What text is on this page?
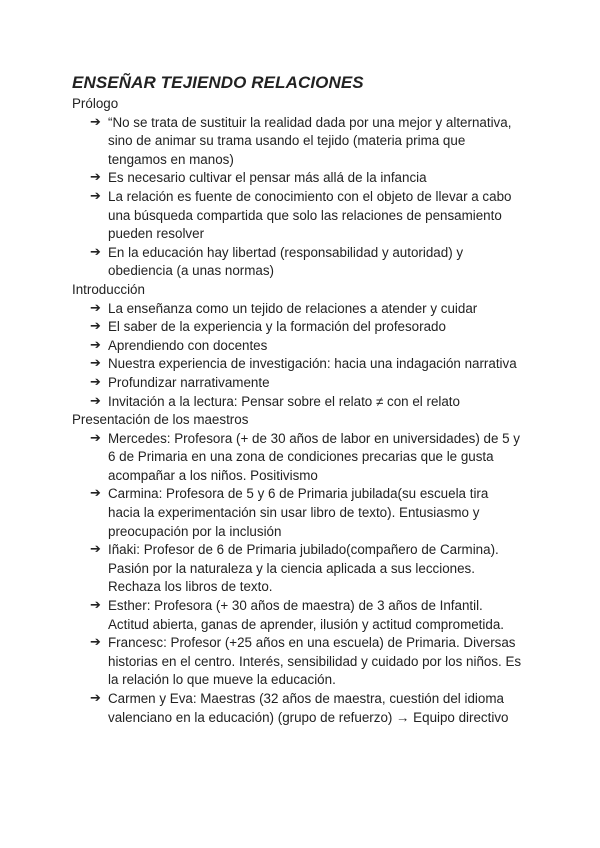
ENSEÑAR TEJIENDO RELACIONES
Prólogo
➔ “No se trata de sustituir la realidad dada por una mejor y alternativa, sino de animar su trama usando el tejido (materia prima que tengamos en manos)
➔ Es necesario cultivar el pensar más allá de la infancia
➔ La relación es fuente de conocimiento con el objeto de llevar a cabo una búsqueda compartida que solo las relaciones de pensamiento pueden resolver
➔ En la educación hay libertad (responsabilidad y autoridad) y obediencia (a unas normas)
Introducción
➔ La enseñanza como un tejido de relaciones a atender y cuidar
➔ El saber de la experiencia y la formación del profesorado
➔ Aprendiendo con docentes
➔ Nuestra experiencia de investigación: hacia una indagación narrativa
➔ Profundizar narrativamente
➔ Invitación a la lectura: Pensar sobre el relato ≠ con el relato
Presentación de los maestros
➔ Mercedes: Profesora (+ de 30 años de labor en universidades) de 5 y 6 de Primaria en una zona de condiciones precarias que le gusta acompañar a los niños. Positivismo
➔ Carmina: Profesora de 5 y 6 de Primaria jubilada(su escuela tira hacia la experimentación sin usar libro de texto). Entusiasmo y preocupación por la inclusión
➔ Iñaki: Profesor de 6 de Primaria jubilado(compañero de Carmina). Pasión por la naturaleza y la ciencia aplicada a sus lecciones. Rechaza los libros de texto.
➔ Esther: Profesora (+ 30 años de maestra) de 3 años de Infantil. Actitud abierta, ganas de aprender, ilusión y actitud comprometida.
➔ Francesc: Profesor (+25 años en una escuela) de Primaria. Diversas historias en el centro. Interés, sensibilidad y cuidado por los niños. Es la relación lo que mueve la educación.
➔ Carmen y Eva: Maestras (32 años de maestra, cuestión del idioma valenciano en la educación) (grupo de refuerzo) → Equipo directivo
